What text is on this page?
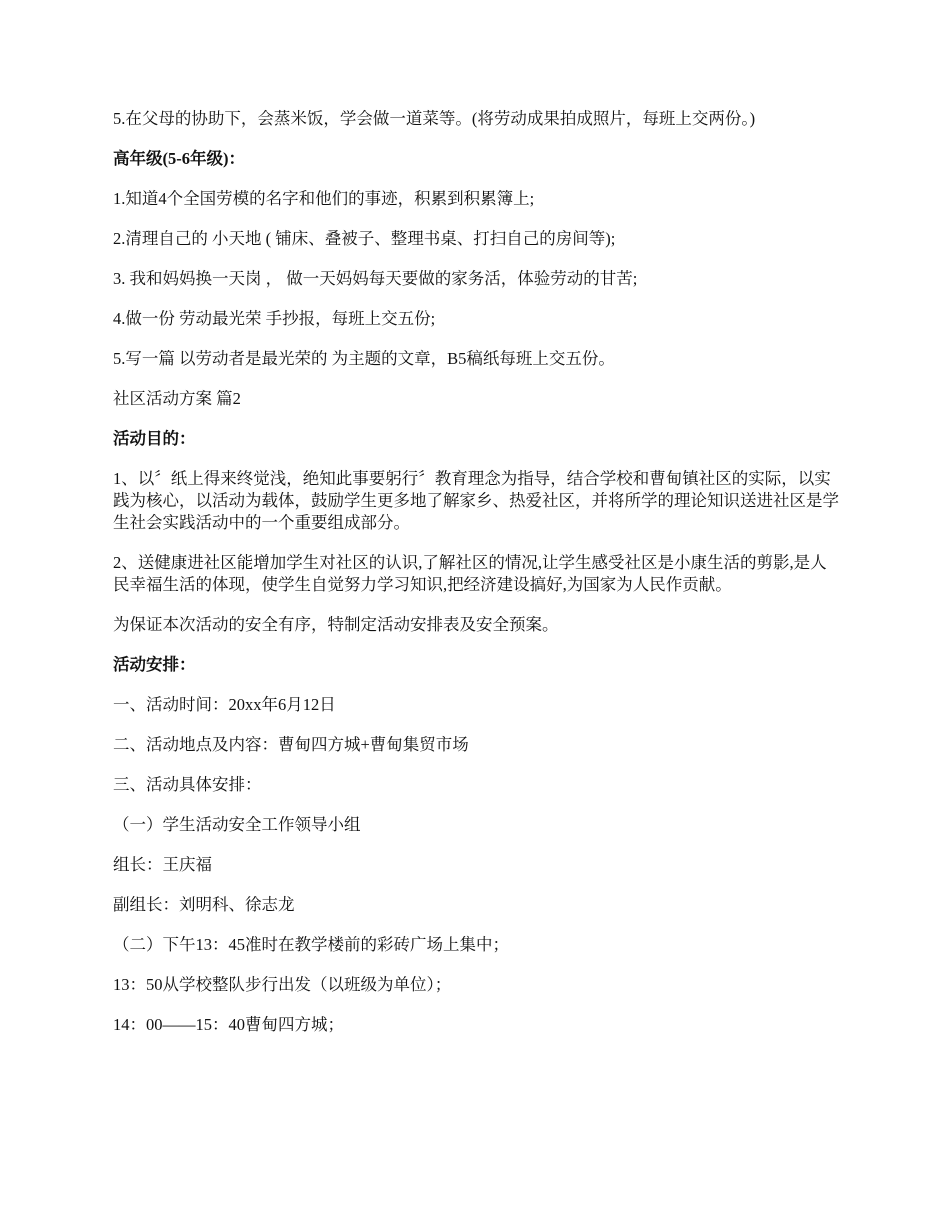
5.在父母的协助下，会蒸米饭，学会做一道菜等。(将劳动成果拍成照片，每班上交两份。)

高年级(5-6年级)：

1.知道4个全国劳模的名字和他们的事迹，积累到积累簿上;

2.清理自己的 小天地 ( 铺床、叠被子、整理书桌、打扫自己的房间等);

3. 我和妈妈换一天岗 ， 做一天妈妈每天要做的家务活，体验劳动的甘苦;

4.做一份 劳动最光荣 手抄报，每班上交五份;

5.写一篇 以劳动者是最光荣的 为主题的文章，B5稿纸每班上交五份。

社区活动方案 篇2

活动目的：

1、以〞纸上得来终觉浅，绝知此事要躬行〞教育理念为指导，结合学校和曹甸镇社区的实际，以实践为核心，以活动为载体，鼓励学生更多地了解家乡、热爱社区，并将所学的理论知识送进社区是学生社会实践活动中的一个重要组成部分。

2、送健康进社区能增加学生对社区的认识,了解社区的情况,让学生感受社区是小康生活的剪影,是人民幸福生活的体现，使学生自觉努力学习知识,把经济建设搞好,为国家为人民作贡献。

为保证本次活动的安全有序，特制定活动安排表及安全预案。

活动安排：

一、活动时间：20xx年6月12日

二、活动地点及内容：曹甸四方城+曹甸集贸市场

三、活动具体安排：

（一）学生活动安全工作领导小组

组长：王庆福

副组长：刘明科、徐志龙

（二）下午13：45准时在教学楼前的彩砖广场上集中；

13：50从学校整队步行出发（以班级为单位）；

14：00——15：40曹甸四方城；
